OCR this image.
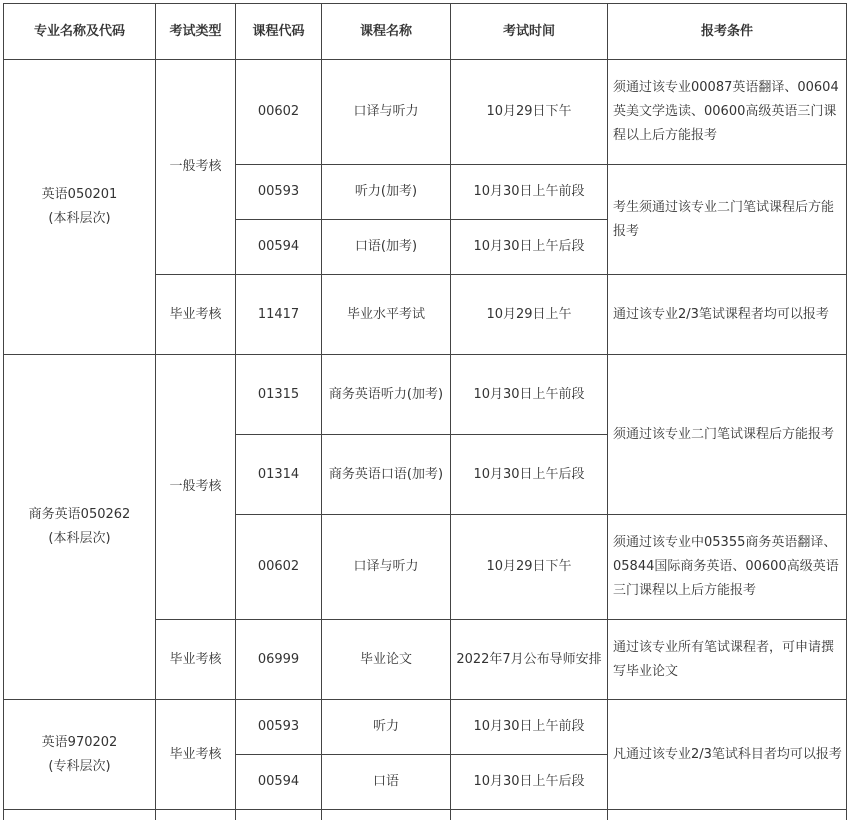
专业名称及代码	考试类型	课程代码	课程名称	考试时间	报考条件

英语050201
(本科层次)	一般考核	00602	口译与听力	10月29日下午	须通过该专业00087英语翻译、00604英美文学选读、00600高级英语三门课程以上后方能报考
		00593	听力(加考)	10月30日上午前段	考生须通过该专业二门笔试课程后方能报考
		00594	口语(加考)	10月30日上午后段	
	毕业考核	11417	毕业水平考试	10月29日上午	通过该专业2/3笔试课程者均可以报考

商务英语050262
(本科层次)	一般考核	01315	商务英语听力(加考)	10月30日上午前段	须通过该专业二门笔试课程后方能报考
		01314	商务英语口语(加考)	10月30日上午后段	
		00602	口译与听力	10月29日下午	须通过该专业中05355商务英语翻译、05844国际商务英语、00600高级英语三门课程以上后方能报考
	毕业考核	06999	毕业论文	2022年7月公布导师安排	通过该专业所有笔试课程者，可申请撰写毕业论文

英语970202
(专科层次)	毕业考核	00593	听力	10月30日上午前段	凡通过该专业2/3笔试科目者均可以报考
		00594	口语	10月30日上午后段	
